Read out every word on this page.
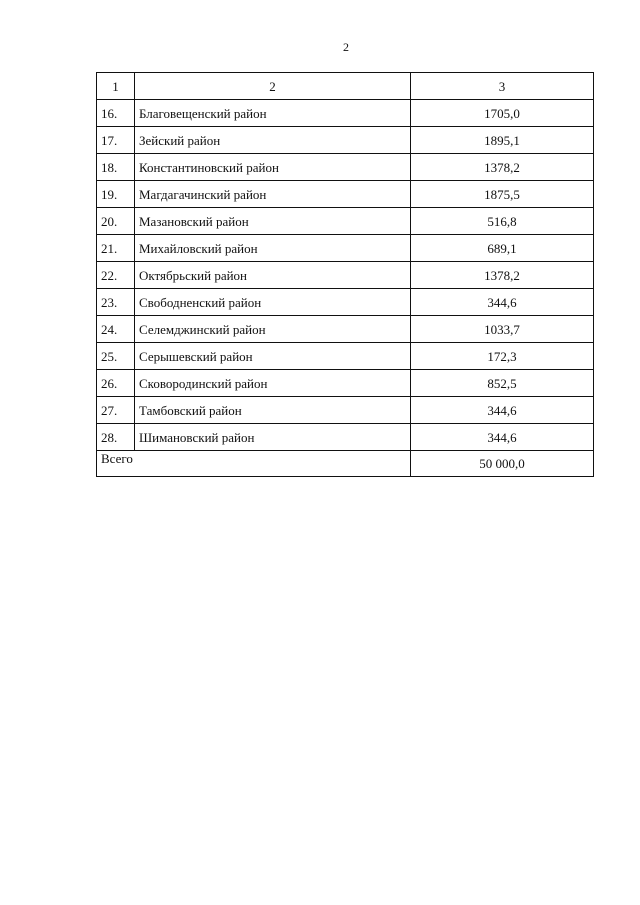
2
1	2	3
16.	Благовещенский район	1705,0
17.	Зейский район	1895,1
18.	Константиновский район	1378,2
19.	Магдагачинский район	1875,5
20.	Мазановский район	516,8
21.	Михайловский район	689,1
22.	Октябрьский район	1378,2
23.	Свободненский район	344,6
24.	Селемджинский район	1033,7
25.	Серышевский район	172,3
26.	Сковородинский район	852,5
27.	Тамбовский район	344,6
28.	Шимановский район	344,6
Всего		50 000,0
